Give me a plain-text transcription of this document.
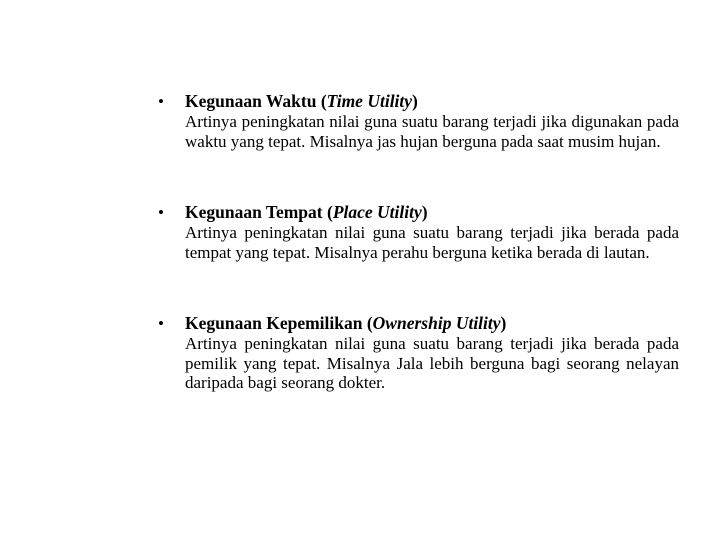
•	Kegunaan Waktu (Time Utility)
Artinya peningkatan nilai guna suatu barang terjadi jika digunakan pada waktu yang tepat. Misalnya jas hujan berguna pada saat musim hujan.
•	Kegunaan Tempat (Place Utility)
Artinya peningkatan nilai guna suatu barang terjadi jika berada pada tempat yang tepat. Misalnya perahu berguna ketika berada di lautan.
•	Kegunaan Kepemilikan (Ownership Utility)
Artinya peningkatan nilai guna suatu barang terjadi jika berada pada pemilik yang tepat. Misalnya Jala lebih berguna bagi seorang nelayan daripada bagi seorang dokter.
